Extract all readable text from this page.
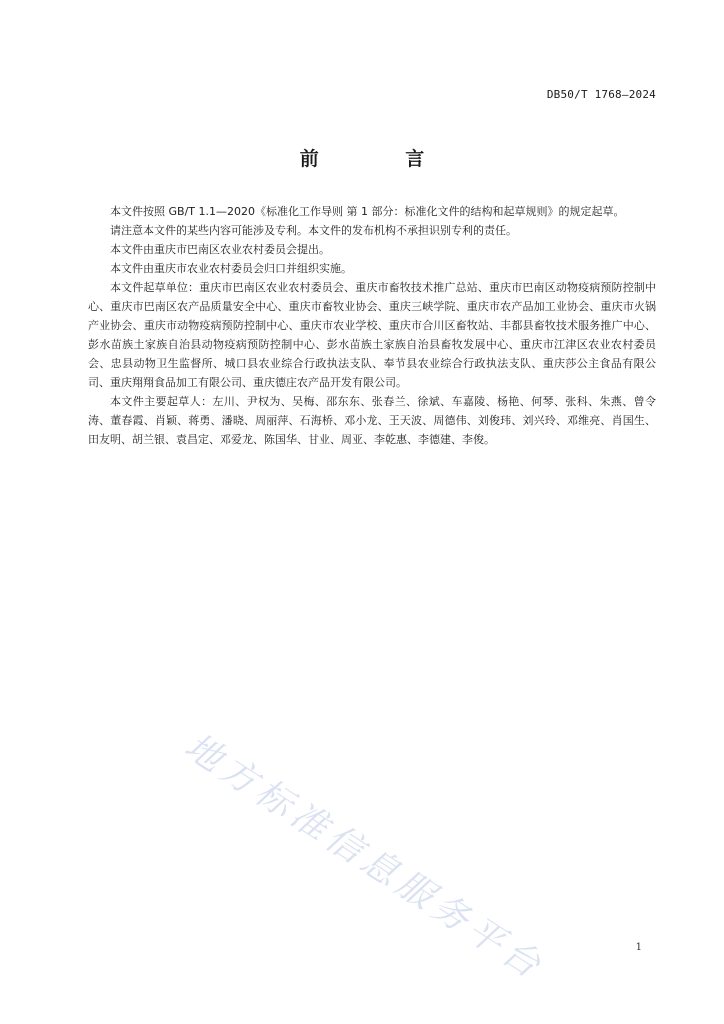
DB50/T 1768—2024
前 言

本文件按照 GB/T 1.1—2020《标准化工作导则 第 1 部分：标准化文件的结构和起草规则》的规定起草。

请注意本文件的某些内容可能涉及专利。本文件的发布机构不承担识别专利的责任。

本文件由重庆市巴南区农业农村委员会提出。

本文件由重庆市农业农村委员会归口并组织实施。

本文件起草单位：重庆市巴南区农业农村委员会、重庆市畜牧技术推广总站、重庆市巴南区动物疫病预防控制中心、重庆市巴南区农产品质量安全中心、重庆市畜牧业协会、重庆三峡学院、重庆市农产品加工业协会、重庆市火锅产业协会、重庆市动物疫病预防控制中心、重庆市农业学校、重庆市合川区畜牧站、丰都县畜牧技术服务推广中心、彭水苗族土家族自治县动物疫病预防控制中心、彭水苗族土家族自治县畜牧发展中心、重庆市江津区农业农村委员会、忠县动物卫生监督所、城口县农业综合行政执法支队、奉节县农业综合行政执法支队、重庆莎公主食品有限公司、重庆翔翔食品加工有限公司、重庆德庄农产品开发有限公司。

本文件主要起草人：左川、尹权为、吴梅、邵东东、张春兰、徐斌、车嘉陵、杨艳、何琴、张科、朱燕、曾令涛、董春霞、肖颖、蒋勇、潘晓、周丽萍、石海桥、邓小龙、王天波、周德伟、刘俊玮、刘兴玲、邓维亮、肖国生、田友明、胡兰银、袁昌定、邓爱龙、陈国华、甘业、周亚、李乾惠、李德建、李俊。

地方标准信息服务平台	1
